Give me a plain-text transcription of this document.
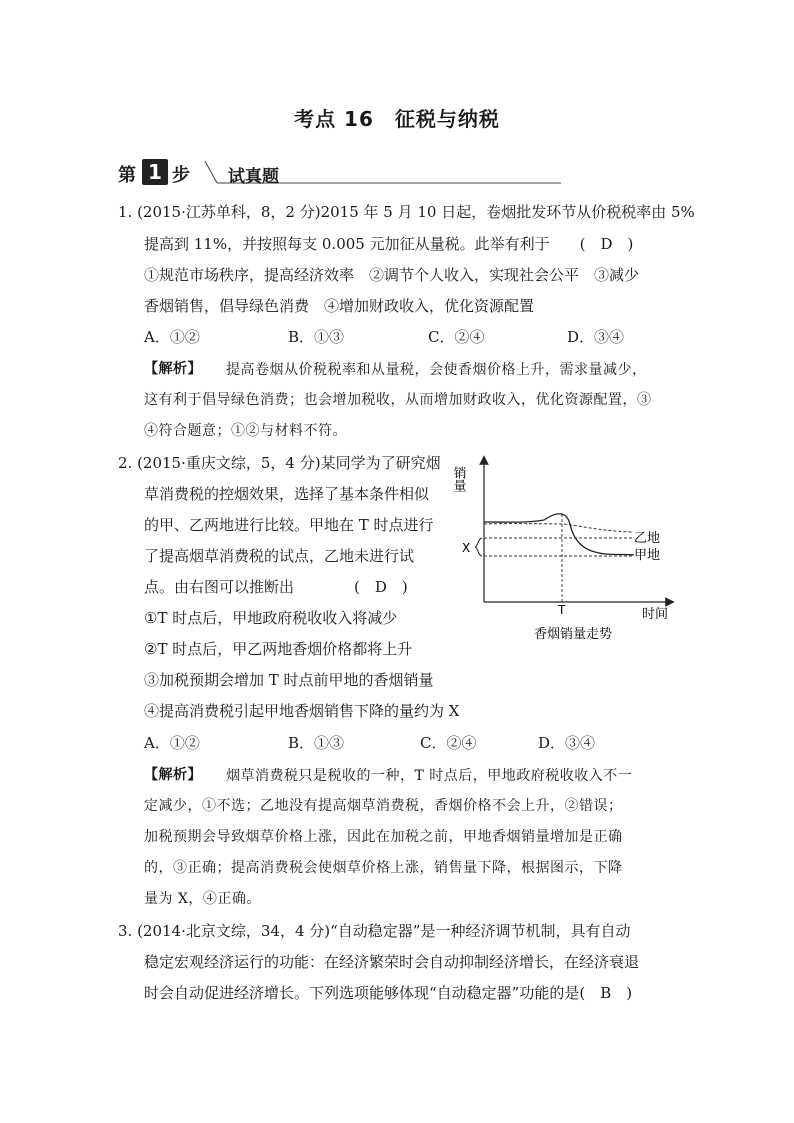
考点 16　征税与纳税
第 1 步 试真题
1. (2015·江苏单科，8，2 分)2015 年 5 月 10 日起，卷烟批发环节从价税税率由 5%
提高到 11%，并按照每支 0.005 元加征从量税。此举有利于　　(　D　)
①规范市场秩序，提高经济效率　②调节个人收入，实现社会公平　③减少
香烟销售，倡导绿色消费　④增加财政收入，优化资源配置
A．①②	B．①③	C．②④	D．③④
【解析】 提高卷烟从价税税率和从量税，会使香烟价格上升，需求量减少，
这有利于倡导绿色消费；也会增加税收，从而增加财政收入，优化资源配置，③
④符合题意；①②与材料不符。
2. (2015·重庆文综，5，4 分)某同学为了研究烟
草消费税的控烟效果，选择了基本条件相似
的甲、乙两地进行比较。甲地在 T 时点进行
了提高烟草消费税的试点，乙地未进行试
点。由右图可以推断出　　　　(　D　)
①T 时点后，甲地政府税收收入将减少
②T 时点后，甲乙两地香烟价格都将上升
③加税预期会增加 T 时点前甲地的香烟销量
④提高消费税引起甲地香烟销售下降的量约为 X
A．①②	B．①③	C．②④	D．③④
【解析】 烟草消费税只是税收的一种，T 时点后，甲地政府税收收入不一
定减少，①不选；乙地没有提高烟草消费税，香烟价格不会上升，②错误；
加税预期会导致烟草价格上涨，因此在加税之前，甲地香烟销量增加是正确
的，③正确；提高消费税会使烟草价格上涨，销售量下降，根据图示，下降
量为 X，④正确。
3. (2014·北京文综，34，4 分)“自动稳定器”是一种经济调节机制，具有自动
稳定宏观经济运行的功能：在经济繁荣时会自动抑制经济增长，在经济衰退
时会自动促进经济增长。下列选项能够体现“自动稳定器”功能的是(　B　)
销量
时间
T
X
乙地
甲地
香烟销量走势
